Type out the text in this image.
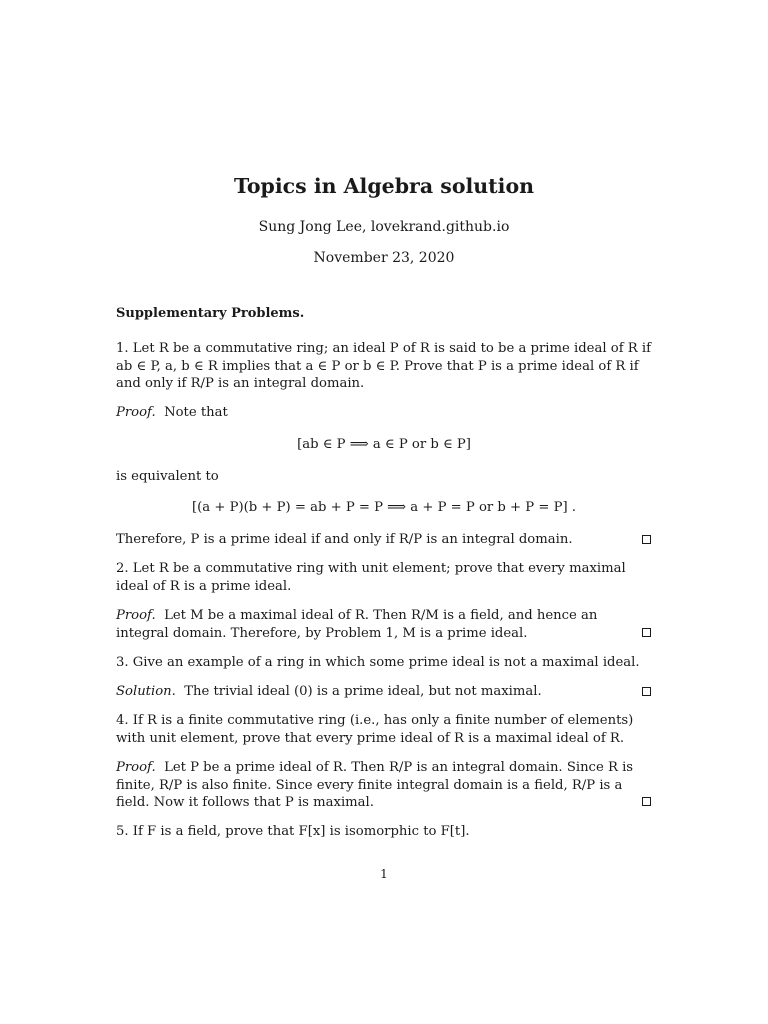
Topics in Algebra solution
Sung Jong Lee, lovekrand.github.io
November 23, 2020
Supplementary Problems.

1. Let R be a commutative ring; an ideal P of R is said to be a prime ideal of R if ab ∈ P, a, b ∈ R implies that a ∈ P or b ∈ P. Prove that P is a prime ideal of R if and only if R/P is an integral domain.

Proof. Note that

[ab ∈ P ⟹ a ∈ P or b ∈ P]

is equivalent to

[(a + P)(b + P) = ab + P = P ⟹ a + P = P or b + P = P] .

Therefore, P is a prime ideal if and only if R/P is an integral domain.

2. Let R be a commutative ring with unit element; prove that every maximal ideal of R is a prime ideal.

Proof. Let M be a maximal ideal of R. Then R/M is a field, and hence an integral domain. Therefore, by Problem 1, M is a prime ideal.

3. Give an example of a ring in which some prime ideal is not a maximal ideal.

Solution. The trivial ideal (0) is a prime ideal, but not maximal.

4. If R is a finite commutative ring (i.e., has only a finite number of elements) with unit element, prove that every prime ideal of R is a maximal ideal of R.

Proof. Let P be a prime ideal of R. Then R/P is an integral domain. Since R is finite, R/P is also finite. Since every finite integral domain is a field, R/P is a field. Now it follows that P is maximal.

5. If F is a field, prove that F[x] is isomorphic to F[t].

1
